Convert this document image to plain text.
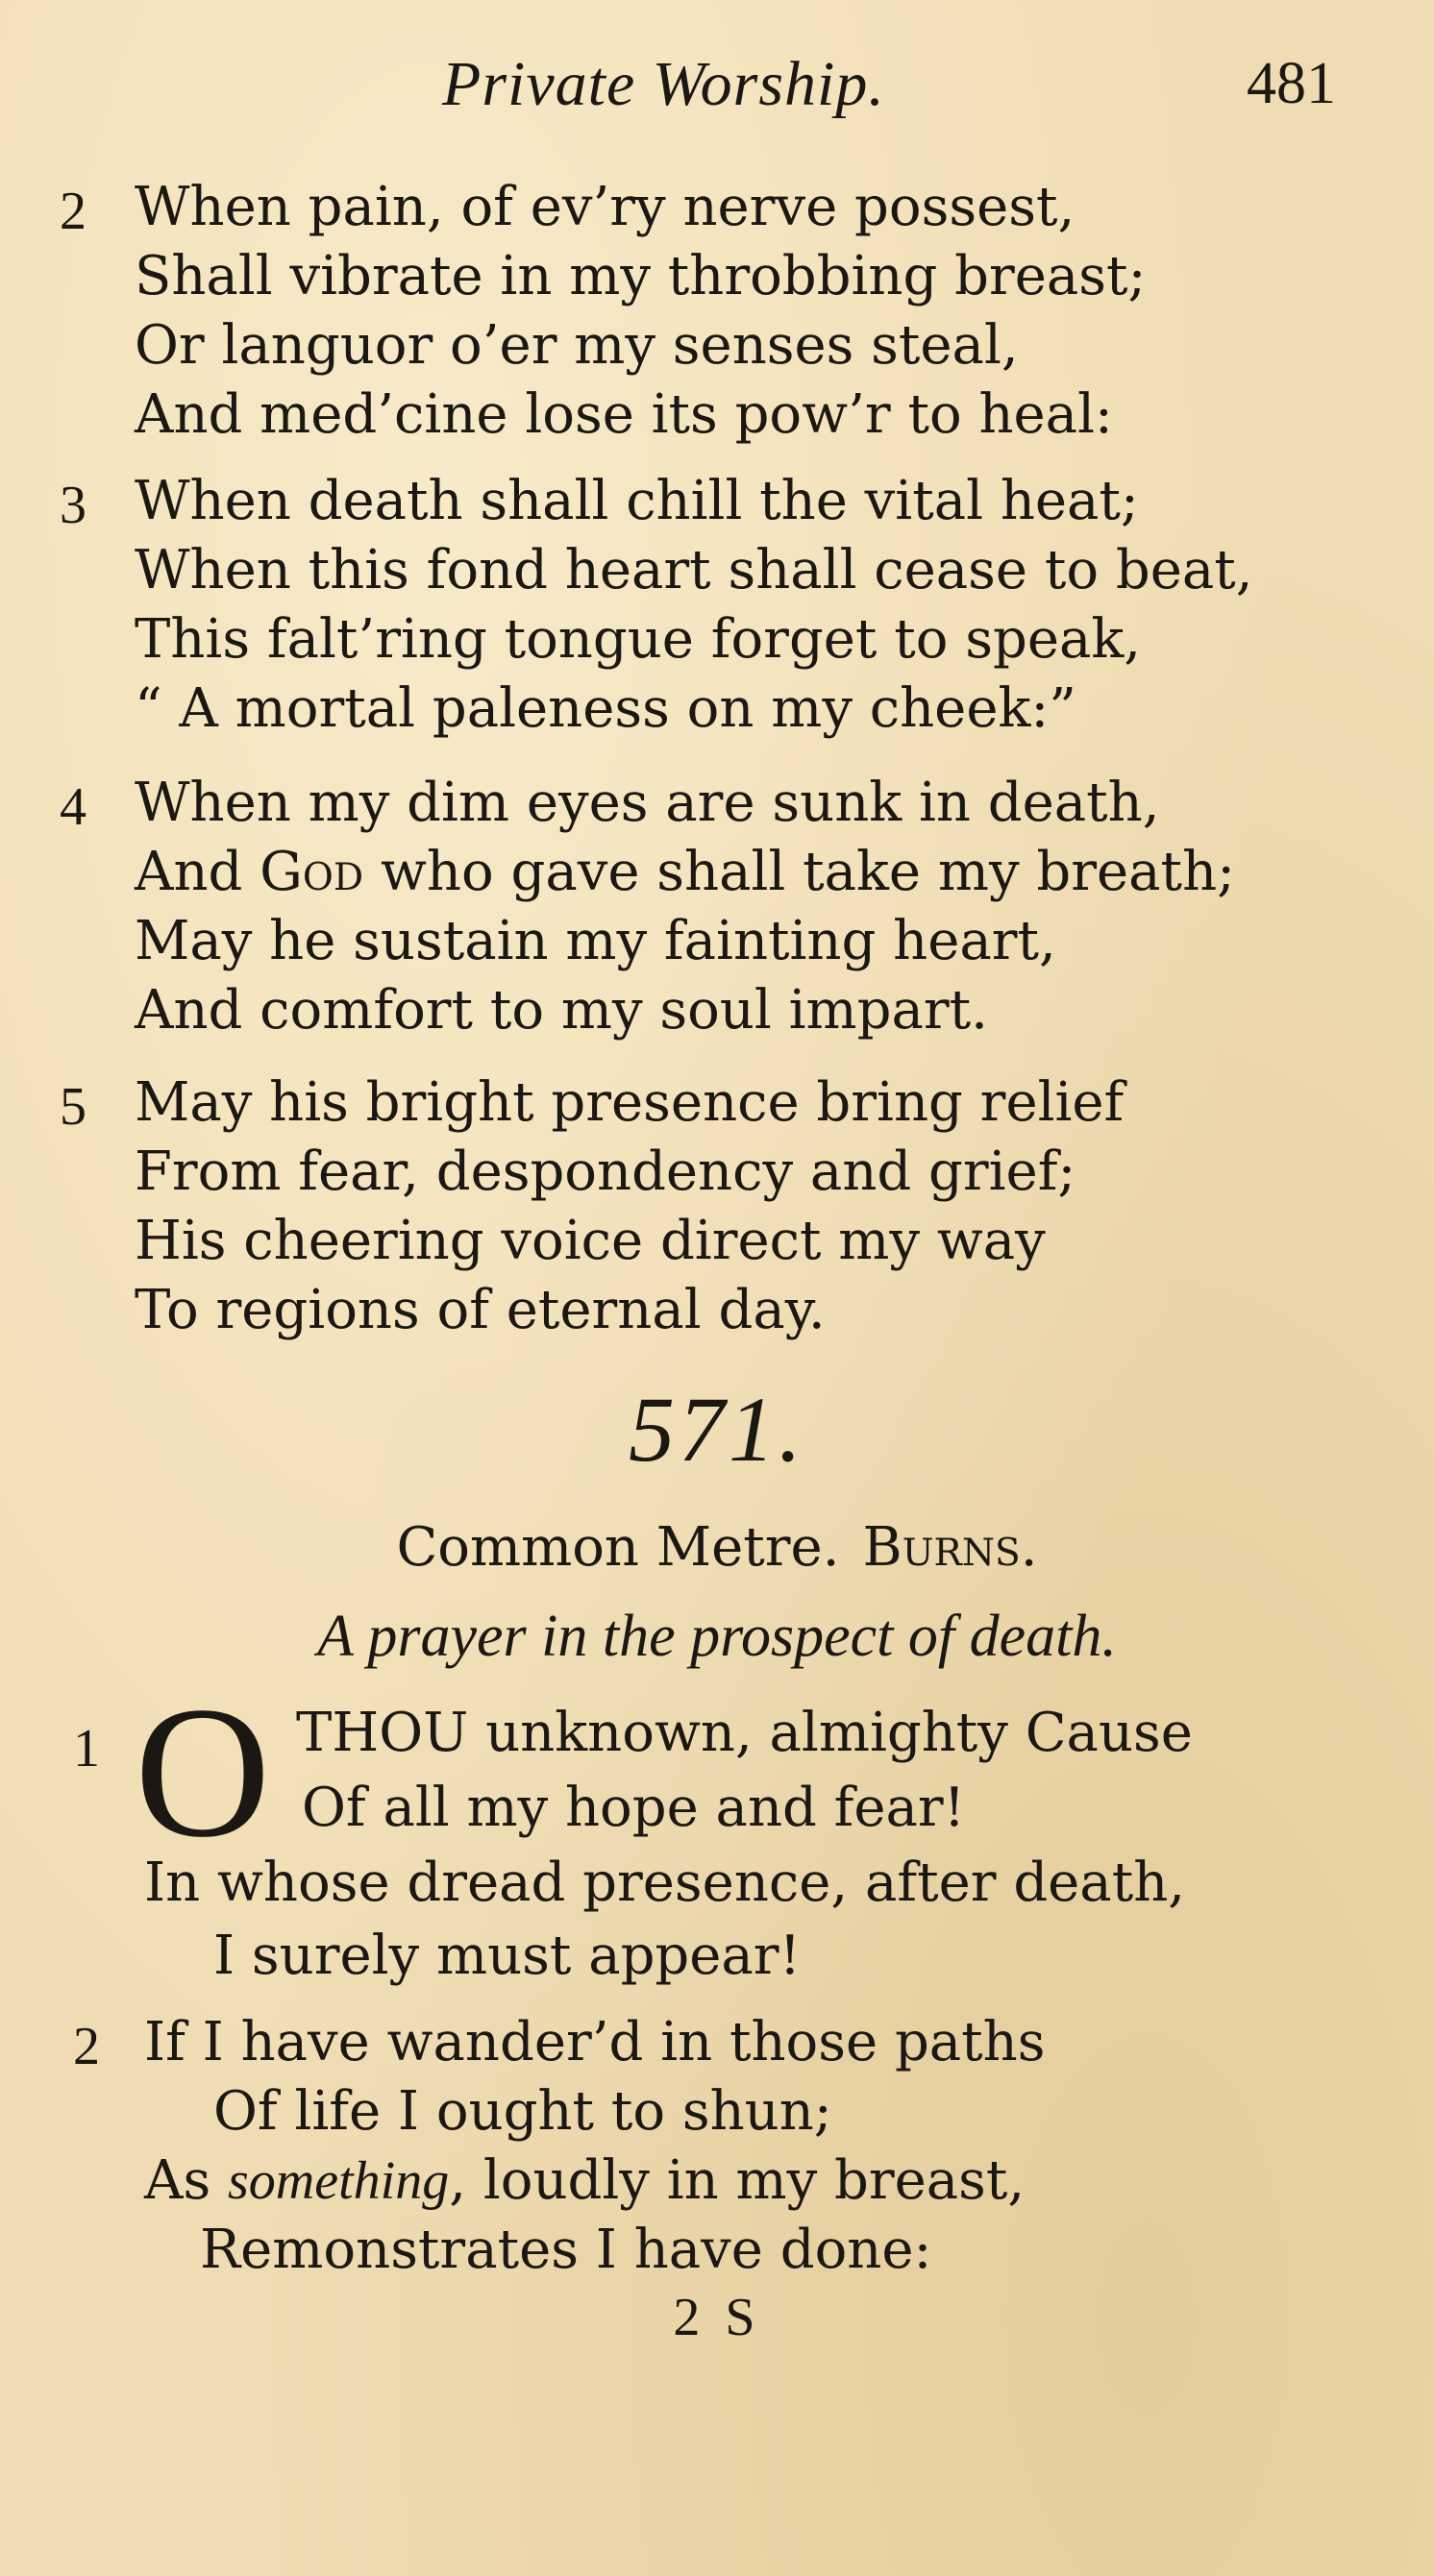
Private Worship.	481
2 When pain, of ev’ry nerve possest,
Shall vibrate in my throbbing breast;
Or languor o’er my senses steal,
And med’cine lose its pow’r to heal:
3 When death shall chill the vital heat;
When this fond heart shall cease to beat,
This falt’ring tongue forget to speak,
“ A mortal paleness on my cheek:”
4 When my dim eyes are sunk in death,
And God who gave shall take my breath;
May he sustain my fainting heart,
And comfort to my soul impart.
5 May his bright presence bring relief
From fear, despondency and grief;
His cheering voice direct my way
To regions of eternal day.
571.
Common Metre. Burns.
A prayer in the prospect of death.
1 O THOU unknown, almighty Cause
Of all my hope and fear!
In whose dread presence, after death,
I surely must appear!
2 If I have wander’d in those paths
Of life I ought to shun;
As something, loudly in my breast,
Remonstrates I have done:
2 S
